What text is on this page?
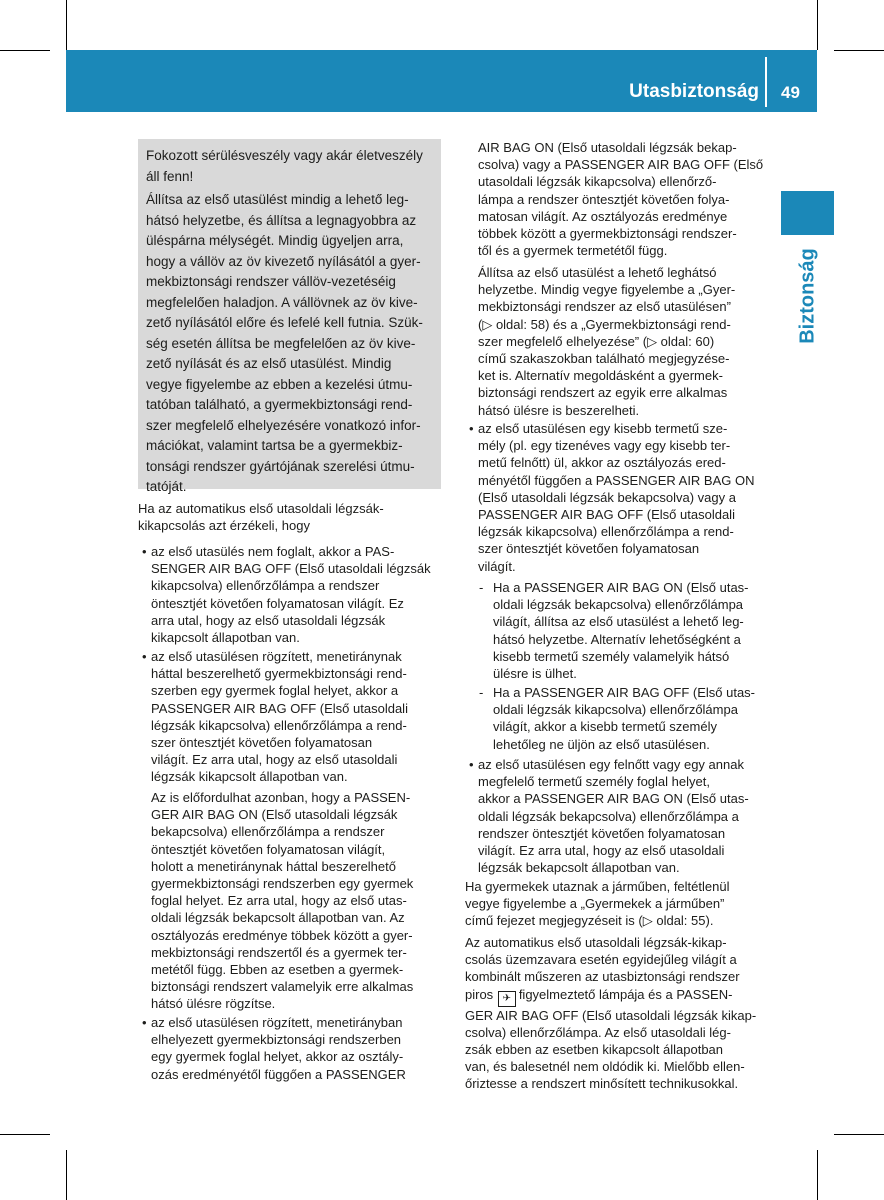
Utasbiztonság 49
Biztonság

Fokozott sérülésveszély vagy akár életveszély
áll fenn!

Állítsa az első utasülést mindig a lehető leg-
hátsó helyzetbe, és állítsa a legnagyobbra az
üléspárna mélységét. Mindig ügyeljen arra,
hogy a vállöv az öv kivezető nyílásától a gyer-
mekbiztonsági rendszer vállöv-vezetéséig
megfelelően haladjon. A vállövnek az öv kive-
zető nyílásától előre és lefelé kell futnia. Szük-
ség esetén állítsa be megfelelően az öv kive-
zető nyílását és az első utasülést. Mindig
vegye figyelembe az ebben a kezelési útmu-
tatóban található, a gyermekbiztonsági rend-
szer megfelelő elhelyezésére vonatkozó infor-
mációkat, valamint tartsa be a gyermekbiz-
tonsági rendszer gyártójának szerelési útmu-
tatóját.

Ha az automatikus első utasoldali légzsák-
kikapcsolás azt érzékeli, hogy

• az első utasülés nem foglalt, akkor a PAS-
SENGER AIR BAG OFF (Első utasoldali légzsák
kikapcsolva) ellenőrzőlámpa a rendszer
öntesztjét követően folyamatosan világít. Ez
arra utal, hogy az első utasoldali légzsák
kikapcsolt állapotban van.

• az első utasülésen rögzített, menetiránynak
háttal beszerelhető gyermekbiztonsági rend-
szerben egy gyermek foglal helyet, akkor a
PASSENGER AIR BAG OFF (Első utasoldali
légzsák kikapcsolva) ellenőrzőlámpa a rend-
szer öntesztjét követően folyamatosan
világít. Ez arra utal, hogy az első utasoldali
légzsák kikapcsolt állapotban van.

Az is előfordulhat azonban, hogy a PASSEN-
GER AIR BAG ON (Első utasoldali légzsák
bekapcsolva) ellenőrzőlámpa a rendszer
öntesztjét követően folyamatosan világít,
holott a menetiránynak háttal beszerelhető
gyermekbiztonsági rendszerben egy gyermek
foglal helyet. Ez arra utal, hogy az első utas-
oldali légzsák bekapcsolt állapotban van. Az
osztályozás eredménye többek között a gyer-
mekbiztonsági rendszertől és a gyermek ter-
metétől függ. Ebben az esetben a gyermek-
biztonsági rendszert valamelyik erre alkalmas
hátsó ülésre rögzítse.

• az első utasülésen rögzített, menetirányban
elhelyezett gyermekbiztonsági rendszerben
egy gyermek foglal helyet, akkor az osztály-
ozás eredményétől függően a PASSENGER

AIR BAG ON (Első utasoldali légzsák bekap-
csolva) vagy a PASSENGER AIR BAG OFF (Első
utasoldali légzsák kikapcsolva) ellenőrző-
lámpa a rendszer öntesztjét követően folya-
matosan világít. Az osztályozás eredménye
többek között a gyermekbiztonsági rendszer-
től és a gyermek termetétől függ.

Állítsa az első utasülést a lehető leghátsó
helyzetbe. Mindig vegye figyelembe a „Gyer-
mekbiztonsági rendszer az első utasülésen”
(▷ oldal: 58) és a „Gyermekbiztonsági rend-
szer megfelelő elhelyezése” (▷ oldal: 60)
című szakaszokban található megjegyzése-
ket is. Alternatív megoldásként a gyermek-
biztonsági rendszert az egyik erre alkalmas
hátsó ülésre is beszerelheti.

• az első utasülésen egy kisebb termetű sze-
mély (pl. egy tizenéves vagy egy kisebb ter-
metű felnőtt) ül, akkor az osztályozás ered-
ményétől függően a PASSENGER AIR BAG ON
(Első utasoldali légzsák bekapcsolva) vagy a
PASSENGER AIR BAG OFF (Első utasoldali
légzsák kikapcsolva) ellenőrzőlámpa a rend-
szer öntesztjét követően folyamatosan
világít.

- Ha a PASSENGER AIR BAG ON (Első utas-
oldali légzsák bekapcsolva) ellenőrzőlámpa
világít, állítsa az első utasülést a lehető leg-
hátsó helyzetbe. Alternatív lehetőségként a
kisebb termetű személy valamelyik hátsó
ülésre is ülhet.

- Ha a PASSENGER AIR BAG OFF (Első utas-
oldali légzsák kikapcsolva) ellenőrzőlámpa
világít, akkor a kisebb termetű személy
lehetőleg ne üljön az első utasülésen.

• az első utasülésen egy felnőtt vagy egy annak
megfelelő termetű személy foglal helyet,
akkor a PASSENGER AIR BAG ON (Első utas-
oldali légzsák bekapcsolva) ellenőrzőlámpa a
rendszer öntesztjét követően folyamatosan
világít. Ez arra utal, hogy az első utasoldali
légzsák bekapcsolt állapotban van.

Ha gyermekek utaznak a járműben, feltétlenül
vegye figyelembe a „Gyermekek a járműben”
című fejezet megjegyzéseit is (▷ oldal: 55).

Az automatikus első utasoldali légzsák-kikap-
csolás üzemzavara esetén egyidejűleg világít a
kombinált műszeren az utasbiztonsági rendszer
piros ✈ figyelmeztető lámpája és a PASSEN-
GER AIR BAG OFF (Első utasoldali légzsák kikap-
csolva) ellenőrzőlámpa. Az első utasoldali lég-
zsák ebben az esetben kikapcsolt állapotban
van, és balesetnél nem oldódik ki. Mielőbb ellen-
őriztesse a rendszert minősített technikusokkal.
